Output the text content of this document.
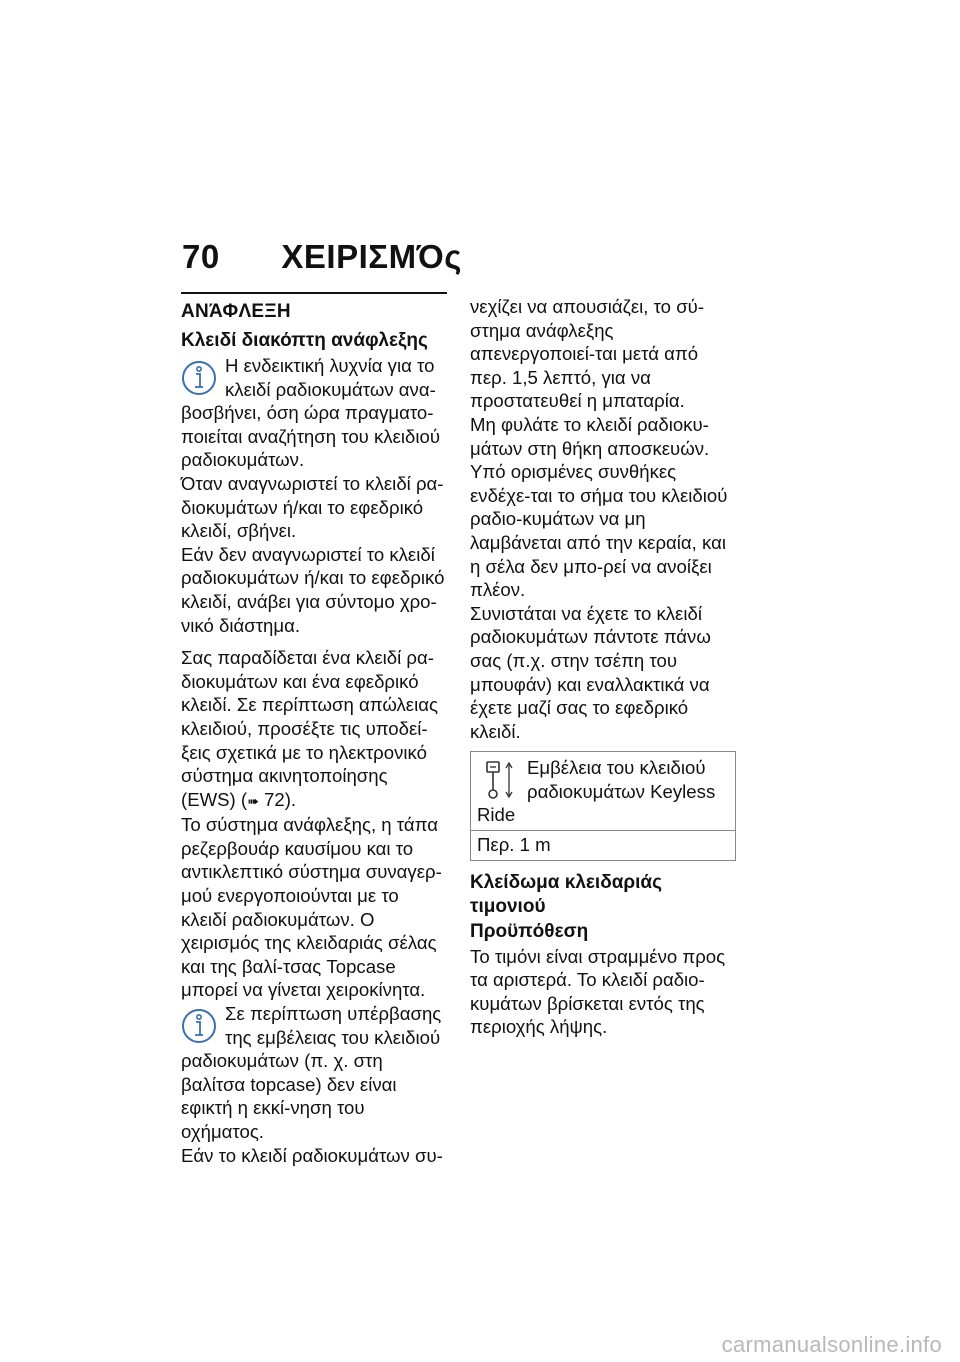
70 ΧΕΙΡΙΣΜΌς
ΑΝΆΦΛΕΞΗ
Κλειδί διακόπτη ανάφλεξης

Η ενδεικτική λυχνία για το κλειδί ραδιοκυμάτων ανα-βοσβήνει, όση ώρα πραγματο-ποιείται αναζήτηση του κλειδιού ραδιοκυμάτων.

Όταν αναγνωριστεί το κλειδί ρα-διοκυμάτων ή/και το εφεδρικό κλειδί, σβήνει.

Εάν δεν αναγνωριστεί το κλειδί ραδιοκυμάτων ή/και το εφεδρικό κλειδί, ανάβει για σύντομο χρο-νικό διάστημα.

Σας παραδίδεται ένα κλειδί ρα-διοκυμάτων και ένα εφεδρικό κλειδί. Σε περίπτωση απώλειας κλειδιού, προσέξτε τις υποδεί-ξεις σχετικά με το ηλεκτρονικό σύστημα ακινητοποίησης (EWS) (➠ 72).

Το σύστημα ανάφλεξης, η τάπα ρεζερβουάρ καυσίμου και το αντικλεπτικό σύστημα συναγερ-μού ενεργοποιούνται με το κλειδί ραδιοκυμάτων. Ο χειρισμός της κλειδαριάς σέλας και της βαλί-τσας Topcase μπορεί να γίνεται χειροκίνητα.

Σε περίπτωση υπέρβασης της εμβέλειας του κλειδιού ραδιοκυμάτων (π. χ. στη βαλίτσα topcase) δεν είναι εφικτή η εκκί-νηση του οχήματος.

Εάν το κλειδί ραδιοκυμάτων συ-

νεχίζει να απουσιάζει, το σύ-στημα ανάφλεξης απενεργοποιεί-ται μετά από περ. 1,5 λεπτό, για να προστατευθεί η μπαταρία.

Μη φυλάτε το κλειδί ραδιοκυ-μάτων στη θήκη αποσκευών.

Υπό ορισμένες συνθήκες ενδέχε-ται το σήμα του κλειδιού ραδιο-κυμάτων να μη λαμβάνεται από την κεραία, και η σέλα δεν μπο-ρεί να ανοίξει πλέον.

Συνιστάται να έχετε το κλειδί ραδιοκυμάτων πάντοτε πάνω σας (π.χ. στην τσέπη του μπουφάν) και εναλλακτικά να έχετε μαζί σας το εφεδρικό κλειδί.

Εμβέλεια του κλειδιού ραδιοκυμάτων Keyless Ride

Περ. 1 m
Κλείδωμα κλειδαριάς τιμονιού
Προϋπόθεση

Το τιμόνι είναι στραμμένο προς τα αριστερά. Το κλειδί ραδιο-κυμάτων βρίσκεται εντός της περιοχής λήψης.

carmanualsonline.info
